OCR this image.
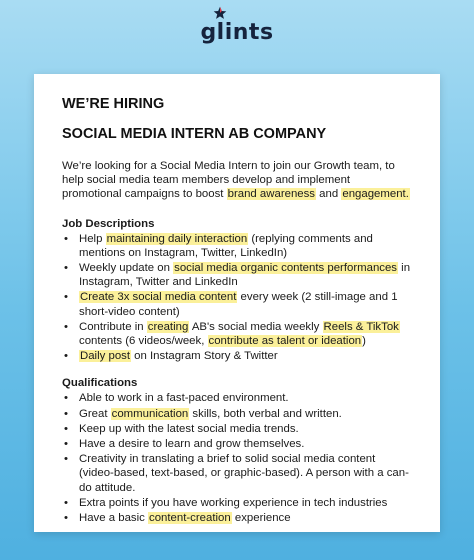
glints
WE’RE HIRING
SOCIAL MEDIA INTERN AB COMPANY

We’re looking for a Social Media Intern to join our Growth team, to help social media team members develop and implement promotional campaigns to boost brand awareness and engagement.

Job Descriptions
• Help maintaining daily interaction (replying comments and mentions on Instagram, Twitter, LinkedIn)
• Weekly update on social media organic contents performances in Instagram, Twitter and LinkedIn
• Create 3x social media content every week (2 still-image and 1 short-video content)
• Contribute in creating AB's social media weekly Reels & TikTok contents (6 videos/week, contribute as talent or ideation)
• Daily post on Instagram Story & Twitter
Qualifications
• Able to work in a fast-paced environment.
• Great communication skills, both verbal and written.
• Keep up with the latest social media trends.
• Have a desire to learn and grow themselves.
• Creativity in translating a brief to solid social media content (video-based, text-based, or graphic-based). A person with a can-do attitude.
• Extra points if you have working experience in tech industries
• Have a basic content-creation experience
